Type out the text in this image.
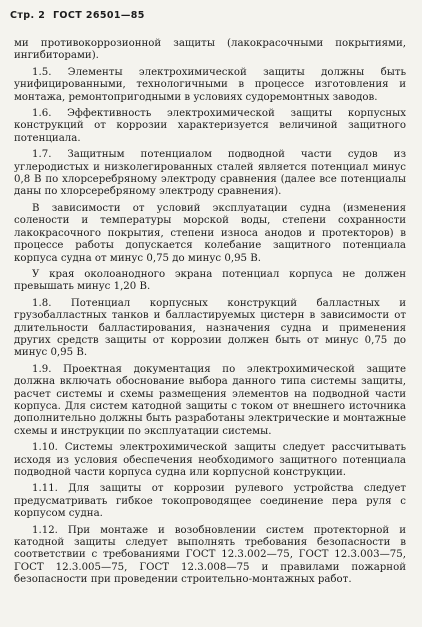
Стр. 2 ГОСТ 26501—85

ми противокоррозионной защиты (лакокрасочными покрытиями, ингибиторами).

1.5. Элементы электрохимической защиты должны быть унифицированными, технологичными в процессе изготовления и монтажа, ремонтопригодными в условиях судоремонтных заводов.

1.6. Эффективность электрохимической защиты корпусных конструкций от коррозии характеризуется величиной защитного потенциала.

1.7. Защитным потенциалом подводной части судов из углеродистых и низколегированных сталей является потенциал минус 0,8 В по хлорсеребряному электроду сравнения (далее все потенциалы даны по хлорсеребряному электроду сравнения).

В зависимости от условий эксплуатации судна (изменения солености и температуры морской воды, степени сохранности лакокрасочного покрытия, степени износа анодов и протекторов) в процессе работы допускается колебание защитного потенциала корпуса судна от минус 0,75 до минус 0,95 В.

У края околоанодного экрана потенциал корпуса не должен превышать минус 1,20 В.

1.8. Потенциал корпусных конструкций балластных и грузобалластных танков и балластируемых цистерн в зависимости от длительности балластирования, назначения судна и применения других средств защиты от коррозии должен быть от минус 0,75 до минус 0,95 В.

1.9. Проектная документация по электрохимической защите должна включать обоснование выбора данного типа системы защиты, расчет системы и схемы размещения элементов на подводной части корпуса. Для систем катодной защиты с током от внешнего источника дополнительно должны быть разработаны электрические и монтажные схемы и инструкции по эксплуатации системы.

1.10. Системы электрохимической защиты следует рассчитывать исходя из условия обеспечения необходимого защитного потенциала подводной части корпуса судна или корпусной конструкции.

1.11. Для защиты от коррозии рулевого устройства следует предусматривать гибкое токопроводящее соединение пера руля с корпусом судна.

1.12. При монтаже и возобновлении систем протекторной и катодной защиты следует выполнять требования безопасности в соответствии с требованиями ГОСТ 12.3.002—75, ГОСТ 12.3.003—75, ГОСТ 12.3.005—75, ГОСТ 12.3.008—75 и правилами пожарной безопасности при проведении строительно-монтажных работ.
